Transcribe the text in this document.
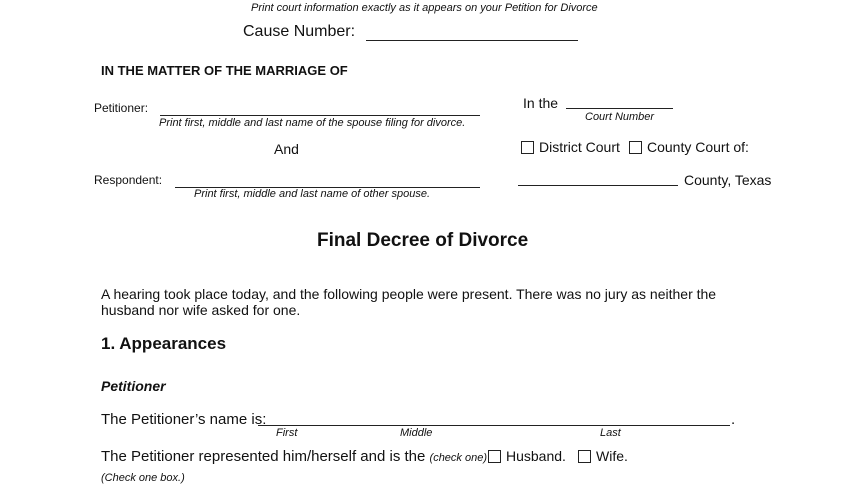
Print court information exactly as it appears on your Petition for Divorce
Cause Number:
IN THE MATTER OF THE MARRIAGE OF
Petitioner:
Print first, middle and last name of the spouse filing for divorce.
In the
Court Number
And	District Court County Court of:
Respondent:
Print first, middle and last name of other spouse.
County, Texas
Final Decree of Divorce
A hearing took place today, and the following people were present. There was no jury as neither the
husband nor wife asked for one.
1. Appearances
Petitioner
The Petitioner’s name is:	.
First	Middle	Last
The Petitioner represented him/herself and is the (check one) Husband. Wife.
(Check one box.)
